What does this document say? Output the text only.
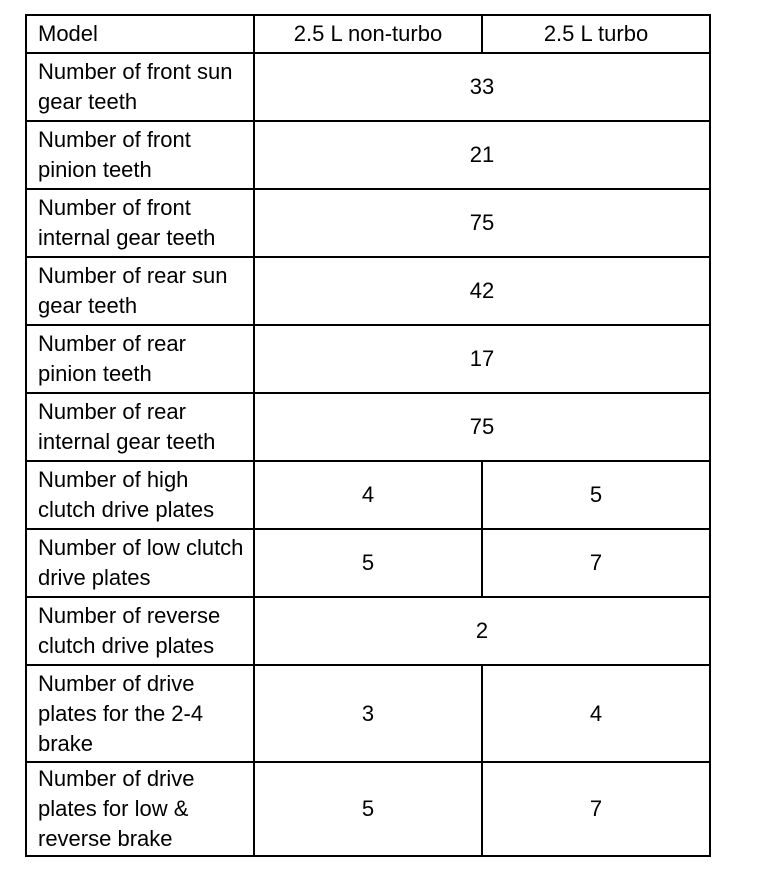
Model	2.5 L non-turbo	2.5 L turbo
Number of front sun gear teeth	33	
Number of front pinion teeth	21	
Number of front internal gear teeth	75	
Number of rear sun gear teeth	42	
Number of rear pinion teeth	17	
Number of rear internal gear teeth	75	
Number of high clutch drive plates	4	5
Number of low clutch drive plates	5	7
Number of reverse clutch drive plates	2	
Number of drive plates for the 2-4 brake	3	4
Number of drive plates for low & reverse brake	5	7
